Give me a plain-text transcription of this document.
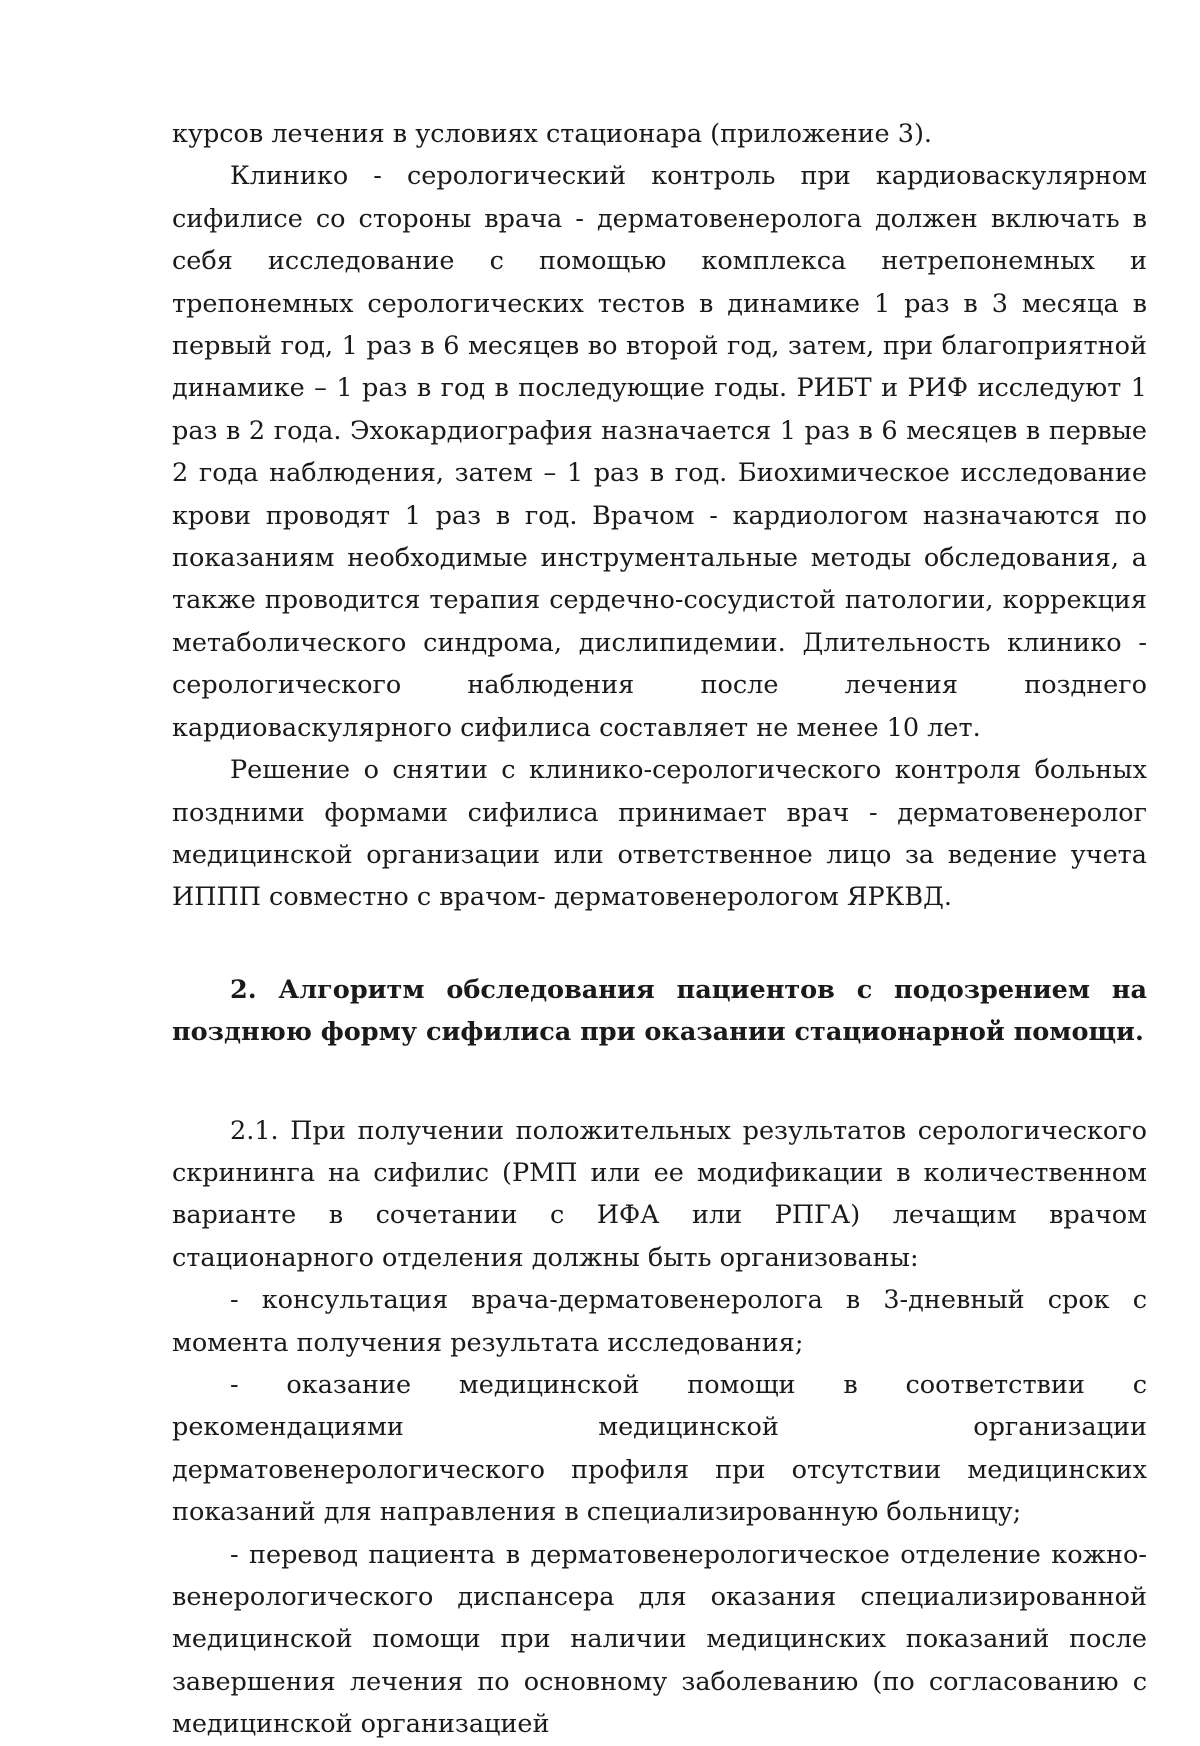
курсов лечения в условиях стационара (приложение 3).

Клинико - серологический контроль при кардиоваскулярном сифилисе со стороны врача - дерматовенеролога должен включать в себя исследование с помощью комплекса нетрепонемных и трепонемных серологических тестов в динамике 1 раз в 3 месяца в первый год, 1 раз в 6 месяцев во второй год, затем, при благоприятной динамике – 1 раз в год в последующие годы. РИБТ и РИФ исследуют 1 раз в 2 года. Эхокардиография назначается 1 раз в 6 месяцев в первые 2 года наблюдения, затем – 1 раз в год. Биохимическое исследование крови проводят 1 раз в год. Врачом - кардиологом назначаются по показаниям необходимые инструментальные методы обследования, а также проводится терапия сердечно-сосудистой патологии, коррекция метаболического синдрома, дислипидемии. Длительность клинико - серологического наблюдения после лечения позднего кардиоваскулярного сифилиса составляет не менее 10 лет.

Решение о снятии с клинико-серологического контроля больных поздними формами сифилиса принимает врач - дерматовенеролог медицинской организации или ответственное лицо за ведение учета ИППП совместно с врачом- дерматовенерологом ЯРКВД.

2. Алгоритм обследования пациентов с подозрением на позднюю форму сифилиса при оказании стационарной помощи.

2.1. При получении положительных результатов серологического скрининга на сифилис (РМП или ее модификации в количественном варианте в сочетании с ИФА или РПГА) лечащим врачом стационарного отделения должны быть организованы:

- консультация врача-дерматовенеролога в 3-дневный срок с момента получения результата исследования;

- оказание медицинской помощи в соответствии с рекомендациями медицинской организации дерматовенерологического профиля при отсутствии медицинских показаний для направления в специализированную больницу;

- перевод пациента в дерматовенерологическое отделение кожно-венерологического диспансера для оказания специализированной медицинской помощи при наличии медицинских показаний после завершения лечения по основному заболеванию (по согласованию с медицинской организацией
